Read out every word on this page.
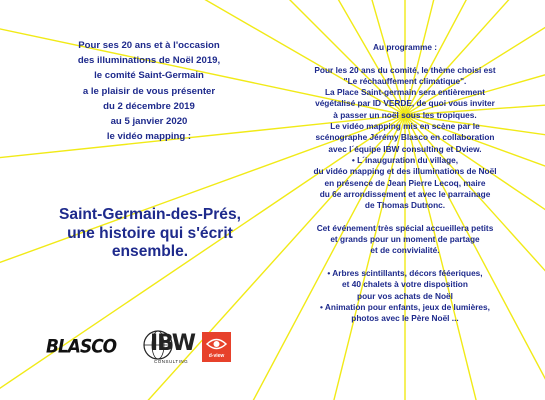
Pour ses 20 ans et à l'occasion
des illuminations de Noël 2019,
le comité Saint-Germain
a le plaisir de vous présenter
du 2 décembre 2019
au 5 janvier 2020
le vidéo mapping :
Saint-Germain-des-Prés,
une histoire qui s'écrit
ensemble.
Au programme :
Pour les 20 ans du comité, le thème choisi est
"Le réchauffement climatique".
La Place Saint-germain sera entièrement
végétalisé par ID VERDE, de quoi vous inviter
à passer un noël sous les tropiques.
Le vidéo mapping mis en scène par le
scénographe Jérémy Blasco en collaboration
avec l´équipe IBW consulting et Dview.
• L´inauguration du village,
du vidéo mapping et des illuminations de Noël
en présence de Jean Pierre Lecoq, maire
du 6e arrondissement et avec le parrainage
de Thomas Dutronc.
Cet événement très spécial accueillera petits
et grands pour un moment de partage
et de convivialité.
• Arbres scintillants, décors fééeriques,
et 40 chalets à votre disposition
pour vos achats de Noël
• Animation pour enfants, jeux de lumières,
photos avec le Père Noël ...
BLASCO IBW
CONSULTING
d-view
